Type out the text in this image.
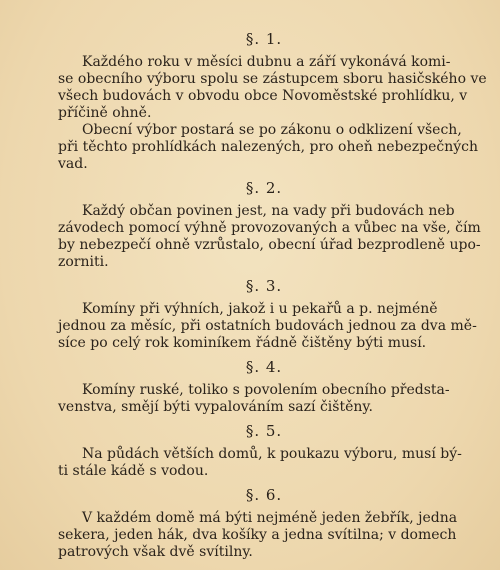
§. 1.

Každého roku v měsíci dubnu a září vykonává komi-
se obecního výboru spolu se zástupcem sboru hasičského ve
všech budovách v obvodu obce Novoměstské prohlídku, v
příčině ohně.

Obecní výbor postará se po zákonu o odklizení všech,
při těchto prohlídkách nalezených, pro oheň nebezpečných
vad.

§. 2.

Každý občan povinen jest, na vady při budovách neb
závodech pomocí výhně provozovaných a vůbec na vše, čím
by nebezpečí ohně vzrůstalo, obecní úřad bezprodleně upo-
zorniti.

§. 3.

Komíny při výhních, jakož i u pekařů a p. nejméně
jednou za měsíc, při ostatních budovách jednou za dva mě-
síce po celý rok kominíkem řádně čištěny býti musí.

§. 4.

Komíny ruské, toliko s povolením obecního předsta-
venstva, smějí býti vypalováním sazí čištěny.

§. 5.

Na půdách větších domů, k poukazu výboru, musí bý-
ti stále kádě s vodou.

§. 6.

V každém domě má býti nejméně jeden žebřík, jedna
sekera, jeden hák, dva košíky a jedna svítilna; v domech
patrových však dvě svítilny.
